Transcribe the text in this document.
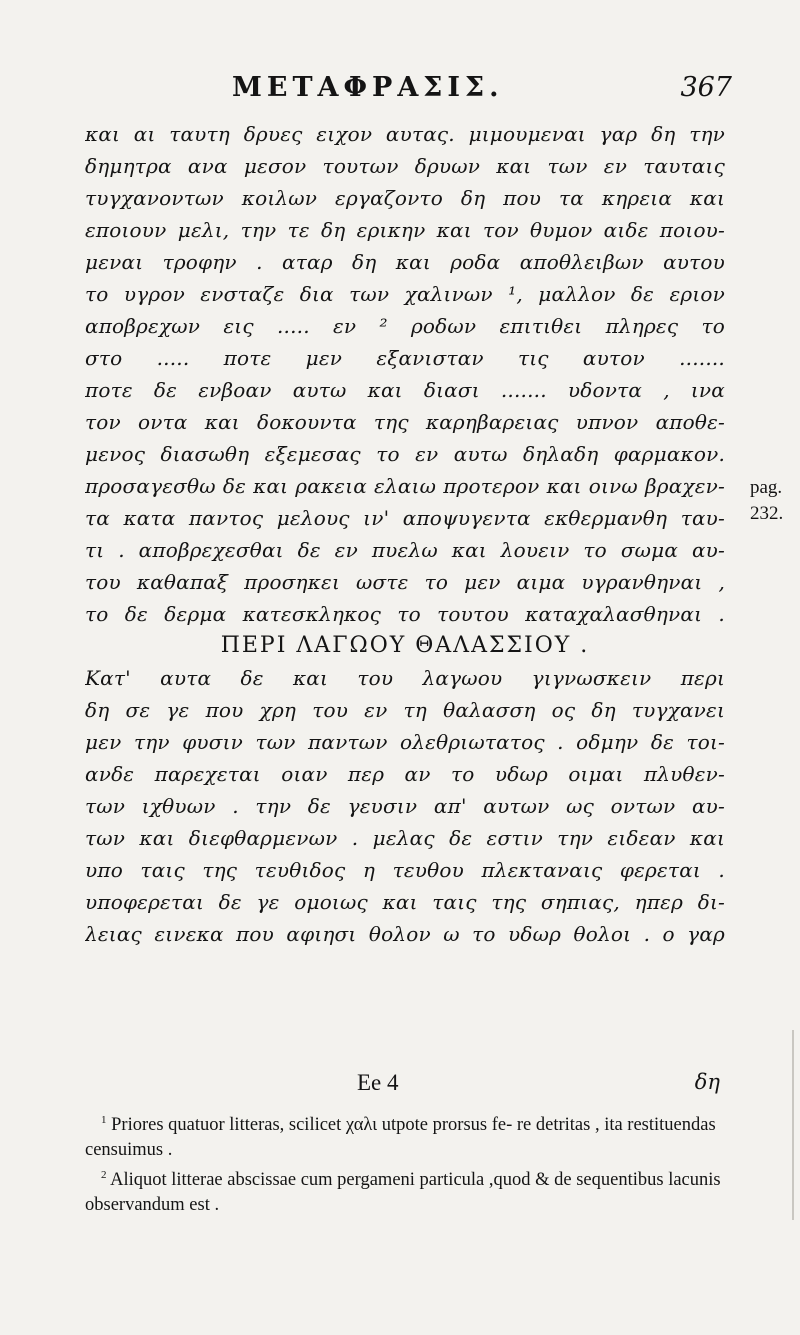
ΜΕΤΑΦΡΑΣΙΣ.	367
και αι ταυτη δρυες ειχον αυτας. μιμουμεναι γαρ δη την
δημητρα ανα μεσον τουτων δρυων και των εν ταυταις
τυγχανοντων κοιλων εργαζοντο δη που τα κηρεια και
εποιουν μελι, την τε δη ερικην και τον θυμον αιδε ποιου-
μεναι τροφην . αταρ δη και ροδα αποθλειβων αυτου
το υγρον ενσταζε δια των χαλινων ¹, μαλλον δε εριον
αποβρεχων εις ..... εν ² ροδων επιτιθει πληρες το
στο ..... ποτε μεν εξανισταν τις αυτον .......
ποτε δε ενβοαν αυτω και διασι ....... υδοντα , ινα
τον οντα και δοκουντα της καρηβαρειας υπνον αποθε-
μενος διασωθη εξεμεσας το εν αυτω δηλαδη φαρμακον.
προσαγεσθω δε και ρακεια ελαιω προτερον και οινω βραχεν-
τα κατα παντος μελους ιν' αποψυγεντα εκθερμανθη ταυ-
τι . αποβρεχεσθαι δε εν πυελω και λουειν το σωμα αυ-
του καθαπαξ προσηκει ωστε το μεν αιμα υγρανθηναι ,
το δε δερμα κατεσκληκος το τουτου καταχαλασθηναι .
ΠΕΡΙ ΛΑΓΩΟΥ ΘΑΛΑΣΣΙΟΥ .
Κατ' αυτα δε και του λαγωου γιγνωσκειν περι
δη σε γε που χρη του εν τη θαλασση ος δη τυγχανει
μεν την φυσιν των παντων ολεθριωτατος . οδμην δε τοι-
ανδε παρεχεται οιαν περ αν το υδωρ οιμαι πλυθεν-
των ιχθυων . την δε γευσιν απ' αυτων ως οντων αυ-
των και διεφθαρμενων . μελας δε εστιν την ειδεαν και
υπο ταις της τευθιδος η τευθου πλεκταναις φερεται .
υποφερεται δε γε ομοιως και ταις της σηπιας, ηπερ δι-
λειας εινεκα που αφιησι θολον ω το υδωρ θολοι . ο γαρ
pag.
232.
Ee 4	δη
$^1$ Priores quatuor litteras, scilicet χαλι utpote prorsus fe- re detritas , ita restituendas censuimus .
$^2$ Aliquot litterae abscissae cum pergameni particula ,quod & de sequentibus lacunis observandum est .
